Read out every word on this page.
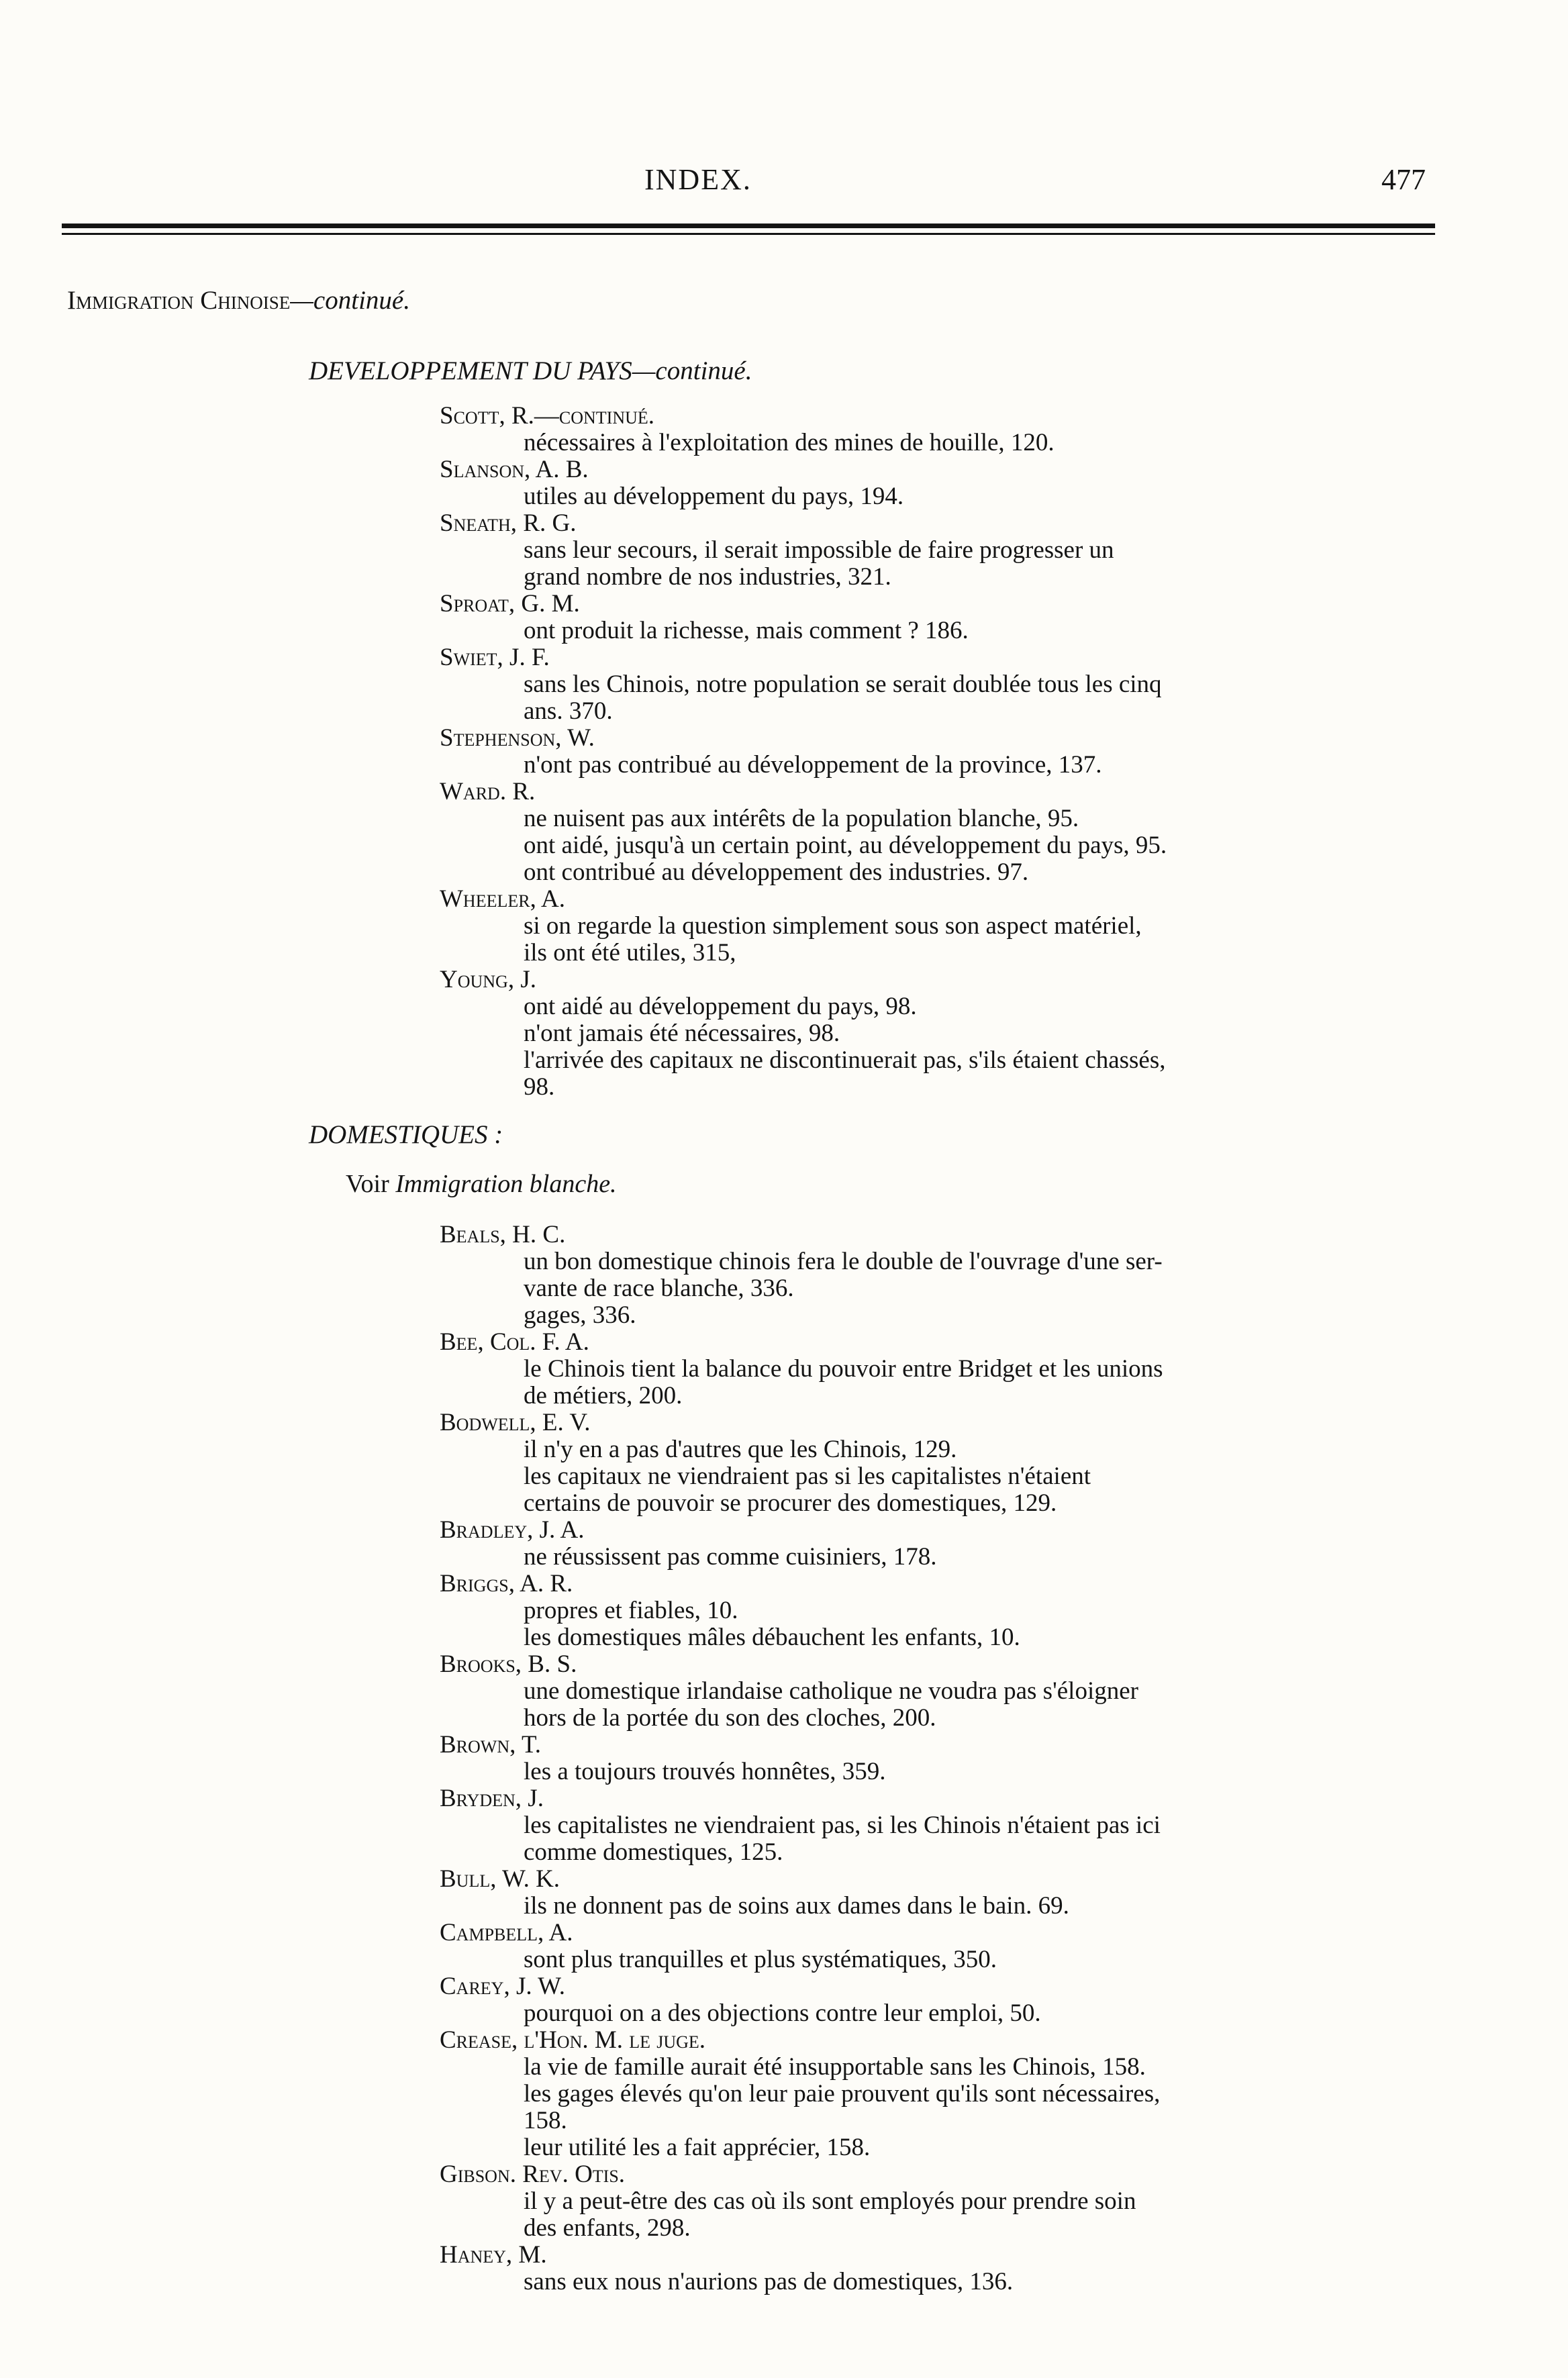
INDEX.	477
Immigration Chinoise—continué.
DEVELOPPEMENT DU PAYS—continué.
Scott, R.—continué.
nécessaires à l'exploitation des mines de houille, 120.
Slanson, A. B.
utiles au développement du pays, 194.
Sneath, R. G.
sans leur secours, il serait impossible de faire progresser un
grand nombre de nos industries, 321.
Sproat, G. M.
ont produit la richesse, mais comment ? 186.
Swiet, J. F.
sans les Chinois, notre population se serait doublée tous les cinq
ans. 370.
Stephenson, W.
n'ont pas contribué au développement de la province, 137.
Ward. R.
ne nuisent pas aux intérêts de la population blanche, 95.
ont aidé, jusqu'à un certain point, au développement du pays, 95.
ont contribué au développement des industries. 97.
Wheeler, A.
si on regarde la question simplement sous son aspect matériel,
ils ont été utiles, 315,
Young, J.
ont aidé au développement du pays, 98.
n'ont jamais été nécessaires, 98.
l'arrivée des capitaux ne discontinuerait pas, s'ils étaient chassés,
98.
DOMESTIQUES :
Voir Immigration blanche.
Beals, H. C.
un bon domestique chinois fera le double de l'ouvrage d'une ser-
vante de race blanche, 336.
gages, 336.
Bee, Col. F. A.
le Chinois tient la balance du pouvoir entre Bridget et les unions
de métiers, 200.
Bodwell, E. V.
il n'y en a pas d'autres que les Chinois, 129.
les capitaux ne viendraient pas si les capitalistes n'étaient
certains de pouvoir se procurer des domestiques, 129.
Bradley, J. A.
ne réussissent pas comme cuisiniers, 178.
Briggs, A. R.
propres et fiables, 10.
les domestiques mâles débauchent les enfants, 10.
Brooks, B. S.
une domestique irlandaise catholique ne voudra pas s'éloigner
hors de la portée du son des cloches, 200.
Brown, T.
les a toujours trouvés honnêtes, 359.
Bryden, J.
les capitalistes ne viendraient pas, si les Chinois n'étaient pas ici
comme domestiques, 125.
Bull, W. K.
ils ne donnent pas de soins aux dames dans le bain. 69.
Campbell, A.
sont plus tranquilles et plus systématiques, 350.
Carey, J. W.
pourquoi on a des objections contre leur emploi, 50.
Crease, l'Hon. M. le juge.
la vie de famille aurait été insupportable sans les Chinois, 158.
les gages élevés qu'on leur paie prouvent qu'ils sont nécessaires,
158.
leur utilité les a fait apprécier, 158.
Gibson. Rev. Otis.
il y a peut-être des cas où ils sont employés pour prendre soin
des enfants, 298.
Haney, M.
sans eux nous n'aurions pas de domestiques, 136.
